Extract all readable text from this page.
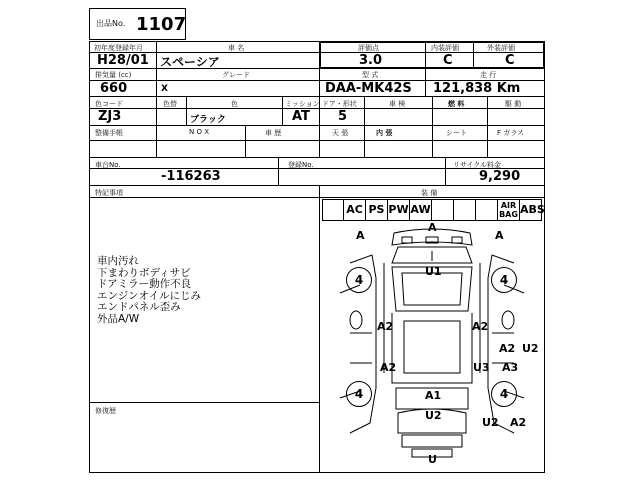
出品No. 1107
初年度登録年月
H28/01
車 名
スペーシア
評価点
3.0
内装評価
C
外装評価
C
排気量 (cc)
660
グレード
X
型 式
DAA-MK42S
走 行
121,838 Km
色コード
ZJ3
色替	色
ブラック
ミッション
AT
ドア・形状
5
車 検	燃 料	駆 動
整備手帳	N O X	車 歴	天 張	内 張	シート	F ガラス
車台No.
-116263
登録No.	リサイクル料金
9,290
特記事項
車内汚れ
下まわりボディサビ
ドアミラー動作不良
エンジンオイルにじみ
エンドパネル歪み
外品A/W
修復歴
装 備
AC PS PW AW	AIR
BAG ABS
4	4
4	4
A
A
A
U1
A2	A2
A2 U2
A2	U3 A3
A1
U2
U2 A2
U
